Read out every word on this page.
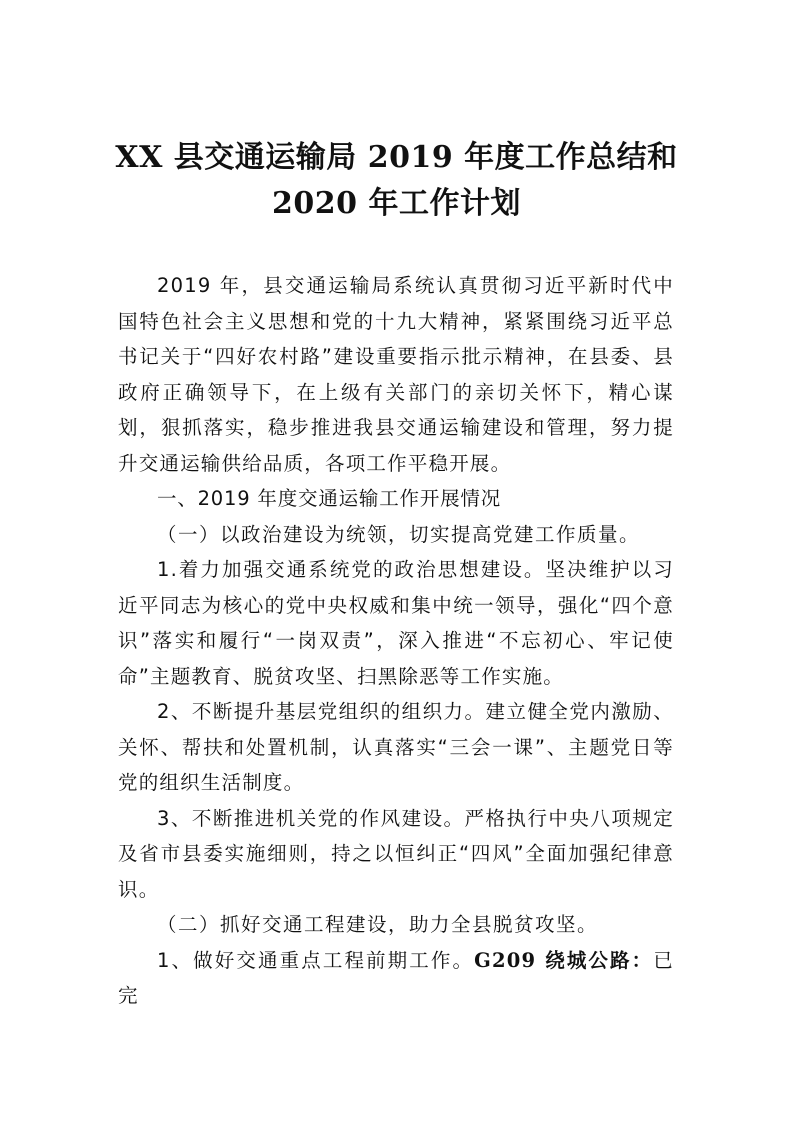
XX 县交通运输局 2019 年度工作总结和
2020 年工作计划

2019 年，县交通运输局系统认真贯彻习近平新时代中国特色社会主义思想和党的十九大精神，紧紧围绕习近平总书记关于“四好农村路”建设重要指示批示精神，在县委、县政府正确领导下，在上级有关部门的亲切关怀下，精心谋划，狠抓落实，稳步推进我县交通运输建设和管理，努力提升交通运输供给品质，各项工作平稳开展。

一、2019 年度交通运输工作开展情况

（一）以政治建设为统领，切实提高党建工作质量。

1.着力加强交通系统党的政治思想建设。坚决维护以习近平同志为核心的党中央权威和集中统一领导，强化“四个意识”落实和履行“一岗双责”，深入推进“不忘初心、牢记使命”主题教育、脱贫攻坚、扫黑除恶等工作实施。

2、不断提升基层党组织的组织力。建立健全党内激励、关怀、帮扶和处置机制，认真落实“三会一课”、主题党日等党的组织生活制度。

3、不断推进机关党的作风建设。严格执行中央八项规定及省市县委实施细则，持之以恒纠正“四风”全面加强纪律意识。

（二）抓好交通工程建设，助力全县脱贫攻坚。

1、做好交通重点工程前期工作。G209 绕城公路：已完
